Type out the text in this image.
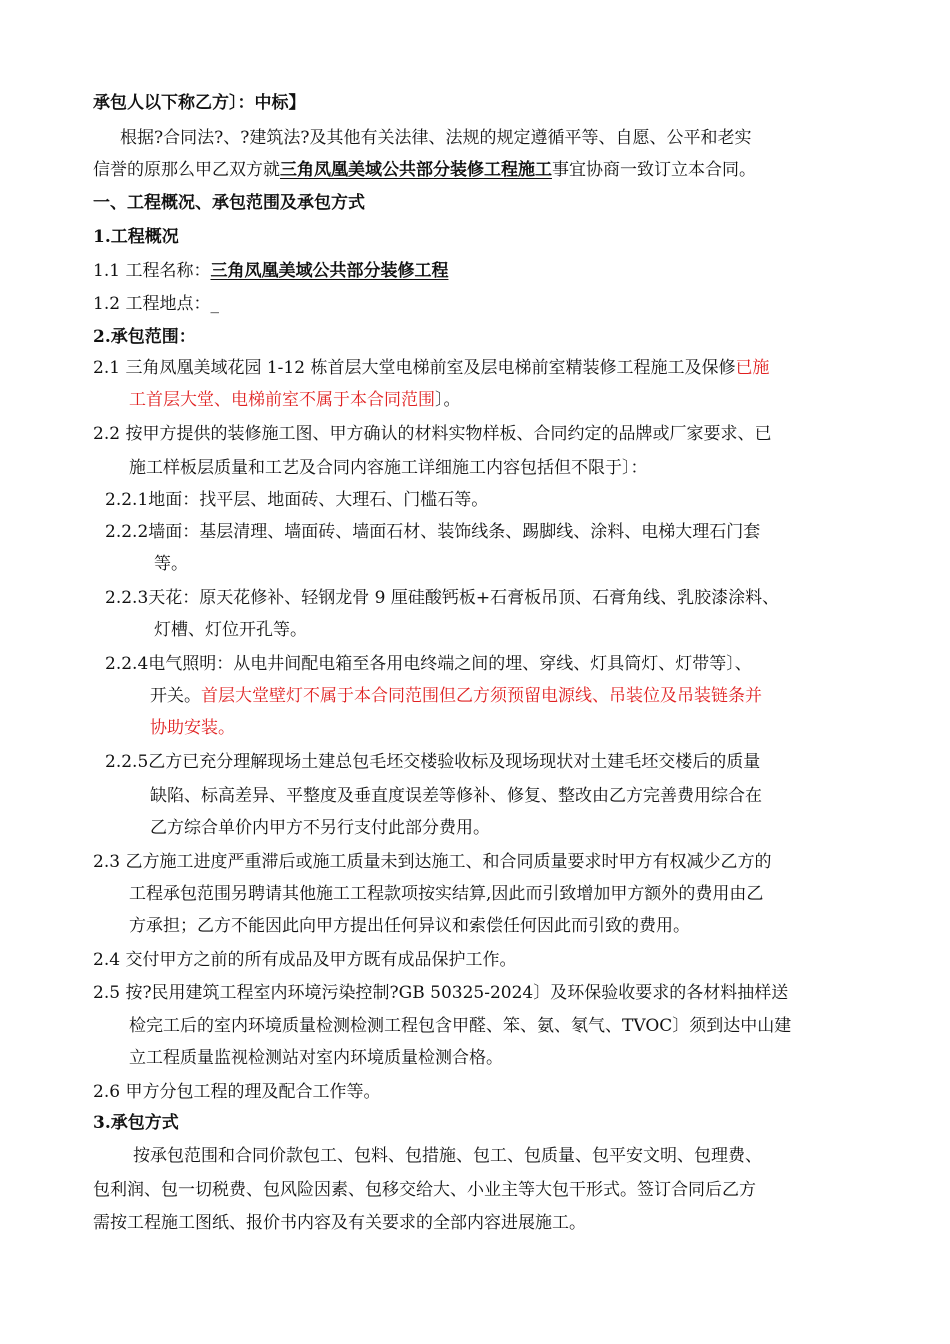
承包人以下称乙方〕：中标】
根据?合同法?、?建筑法?及其他有关法律、法规的规定遵循平等、自愿、公平和老实
信誉的原那么甲乙双方就三角凤凰美域公共部分装修工程施工事宜协商一致订立本合同。
一、工程概况、承包范围及承包方式
1.工程概况
1.1 工程名称：三角凤凰美域公共部分装修工程
1.2 工程地点：_
2.承包范围：
2.1 三角凤凰美域花园 1-12 栋首层大堂电梯前室及层电梯前室精装修工程施工及保修已施
工首层大堂、电梯前室不属于本合同范围〕。
2.2 按甲方提供的装修施工图、甲方确认的材料实物样板、合同约定的品牌或厂家要求、已
施工样板层质量和工艺及合同内容施工详细施工内容包括但不限于〕：
2.2.1地面：找平层、地面砖、大理石、门槛石等。
2.2.2墙面：基层清理、墙面砖、墙面石材、装饰线条、踢脚线、涂料、电梯大理石门套
等。
2.2.3天花：原天花修补、轻钢龙骨 9 厘硅酸钙板+石膏板吊顶、石膏角线、乳胶漆涂料、
灯槽、灯位开孔等。
2.2.4电气照明：从电井间配电箱至各用电终端之间的埋、穿线、灯具筒灯、灯带等〕、
开关。首层大堂壁灯不属于本合同范围但乙方须预留电源线、吊装位及吊装链条并
协助安装。
2.2.5乙方已充分理解现场土建总包毛坯交楼验收标及现场现状对土建毛坯交楼后的质量
缺陷、标高差异、平整度及垂直度误差等修补、修复、整改由乙方完善费用综合在
乙方综合单价内甲方不另行支付此部分费用。
2.3 乙方施工进度严重滞后或施工质量未到达施工、和合同质量要求时甲方有权减少乙方的
工程承包范围另聘请其他施工工程款项按实结算,因此而引致增加甲方额外的费用由乙
方承担；乙方不能因此向甲方提出任何异议和索偿任何因此而引致的费用。
2.4 交付甲方之前的所有成品及甲方既有成品保护工作。
2.5 按?民用建筑工程室内环境污染控制?GB 50325-2024〕及环保验收要求的各材料抽样送
检完工后的室内环境质量检测检测工程包含甲醛、笨、氨、氡气、TVOC〕须到达中山建
立工程质量监视检测站对室内环境质量检测合格。
2.6 甲方分包工程的理及配合工作等。
3.承包方式
按承包范围和合同价款包工、包料、包措施、包工、包质量、包平安文明、包理费、
包利润、包一切税费、包风险因素、包移交给大、小业主等大包干形式。签订合同后乙方
需按工程施工图纸、报价书内容及有关要求的全部内容进展施工。
